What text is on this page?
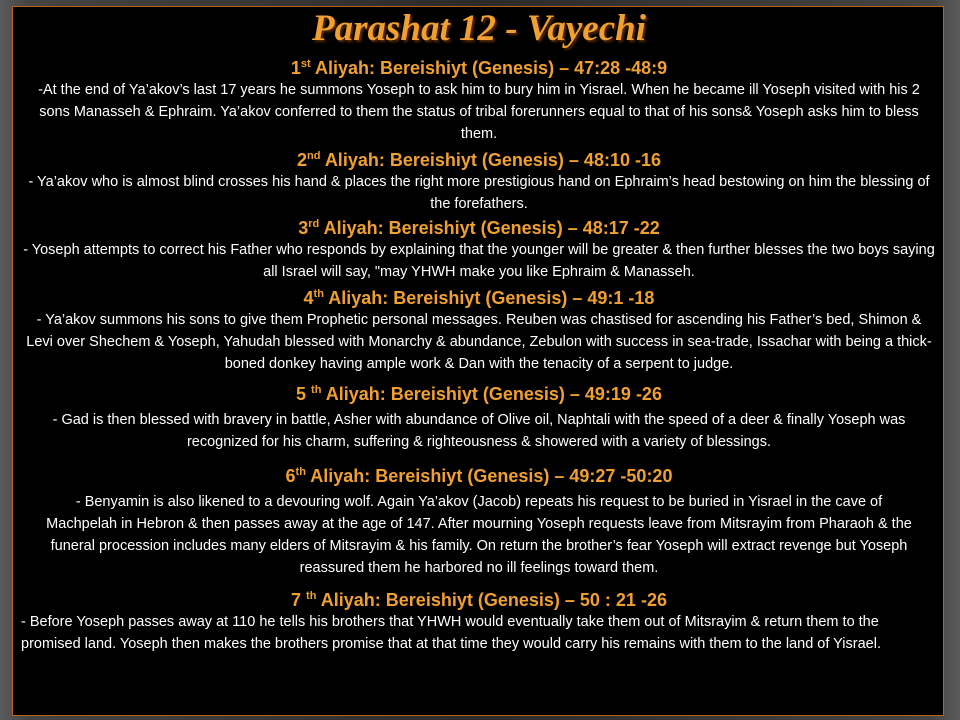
Parashat 12 - Vayechi
1st Aliyah: Bereishiyt (Genesis) – 47:28 -48:9
-At the end of Ya’akov’s last 17 years he summons Yoseph to ask him to bury him in Yisrael. When he became ill Yoseph visited with his 2 sons Manasseh & Ephraim. Ya’akov conferred to them the status of tribal forerunners equal to that of his sons& Yoseph asks him to bless them.
2nd Aliyah: Bereishiyt (Genesis) – 48:10 -16
- Ya’akov who is almost blind crosses his hand & places the right more prestigious hand on Ephraim’s head bestowing on him the blessing of the forefathers.
3rd Aliyah: Bereishiyt (Genesis) – 48:17 -22
- Yoseph attempts to correct his Father who responds by explaining that the younger will be greater & then further blesses the two boys saying all Israel will say, "may YHWH make you like Ephraim & Manasseh.
4th Aliyah: Bereishiyt (Genesis) – 49:1 -18
- Ya’akov summons his sons to give them Prophetic personal messages. Reuben was chastised for ascending his Father’s bed, Shimon & Levi over Shechem & Yoseph, Yahudah blessed with Monarchy & abundance, Zebulon with success in sea-trade, Issachar with being a thick-boned donkey having ample work & Dan with the tenacity of a serpent to judge.
5 $^{th}$ Aliyah: Bereishiyt (Genesis) – 49:19 -26
- Gad is then blessed with bravery in battle, Asher with abundance of Olive oil, Naphtali with the speed of a deer & finally Yoseph was recognized for his charm, suffering & righteousness & showered with a variety of blessings.
6th Aliyah: Bereishiyt (Genesis) – 49:27 -50:20
- Benyamin is also likened to a devouring wolf. Again Ya’akov (Jacob) repeats his request to be buried in Yisrael in the cave of Machpelah in Hebron & then passes away at the age of 147. After mourning Yoseph requests leave from Mitsrayim from Pharaoh & the funeral procession includes many elders of Mitsrayim & his family. On return the brother’s fear Yoseph will extract revenge but Yoseph reassured them he harbored no ill feelings toward them.
7 $^{th}$ Aliyah: Bereishiyt (Genesis) – 50 : 21 -26
- Before Yoseph passes away at 110 he tells his brothers that YHWH would eventually take them out of Mitsrayim & return them to the promised land. Yoseph then makes the brothers promise that at that time they would carry his remains with them to the land of Yisrael.
